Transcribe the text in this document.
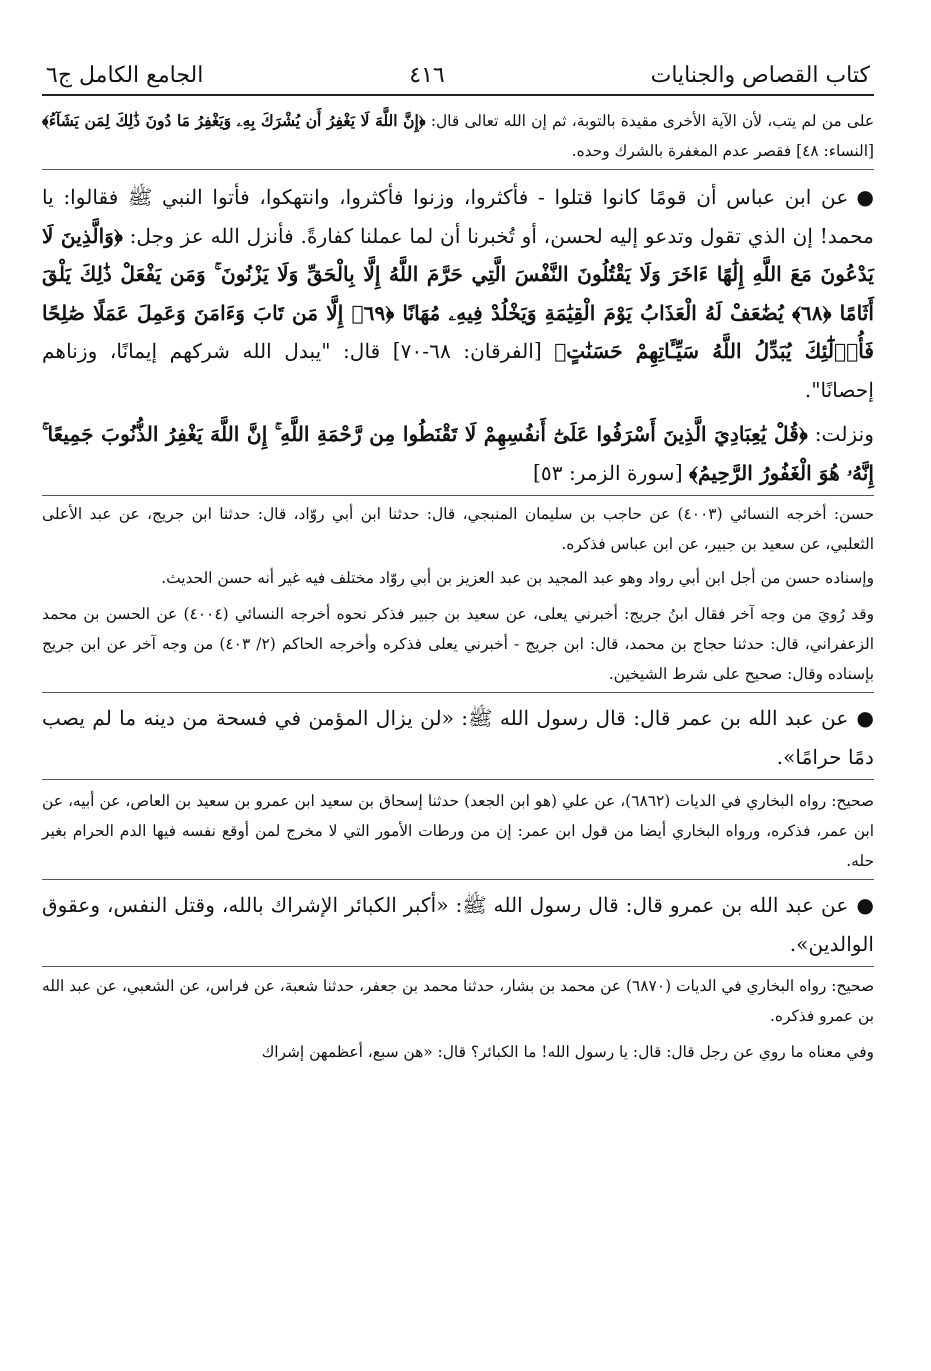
كتاب القصاص والجنايات
٤١٦
الجامع الكامل ج٦

على من لم يتب، لأن الآية الأخرى مقيدة بالتوبة، ثم إن الله تعالى قال: ﴿إِنَّ اللَّهَ لَا يَغْفِرُ أَن يُشْرَكَ بِهِۦ وَيَغْفِرُ مَا دُونَ ذَٰلِكَ لِمَن يَشَآءُ﴾ [النساء: ٤٨] فقصر عدم المغفرة بالشرك وحده.

●عن ابن عباس أن قومًا كانوا قتلوا - فأكثروا، وزنوا فأكثروا، وانتهكوا، فأتوا النبي ﷺ فقالوا: يا محمد! إن الذي تقول وتدعو إليه لحسن، أو تُخبرنا أن لما عملنا كفارةً. فأنزل الله عز وجل: ﴿وَالَّذِينَ لَا يَدْعُونَ مَعَ اللَّهِ إِلَٰهًا ءَاخَرَ وَلَا يَقْتُلُونَ النَّفْسَ الَّتِي حَرَّمَ اللَّهُ إِلَّا بِالْحَقِّ وَلَا يَزْنُونَ ۚ وَمَن يَفْعَلْ ذَٰلِكَ يَلْقَ أَثَامًا ﴿٦٨﴾ يُضَٰعَفْ لَهُ الْعَذَابُ يَوْمَ الْقِيَٰمَةِ وَيَخْلُدْ فِيهِۦ مُهَانًا ﴿٦٩﴾ إِلَّا مَن تَابَ وَءَامَنَ وَعَمِلَ عَمَلًا صَٰلِحًا فَأُو۟لَٰٓئِكَ يُبَدِّلُ اللَّهُ سَيِّـَٔاتِهِمْ حَسَنَٰتٍ﴾ [الفرقان: ٦٨-٧٠] قال: "يبدل الله شركهم إيمانًا، وزناهم إحصانًا".

ونزلت: ﴿قُلْ يَٰعِبَادِيَ الَّذِينَ أَسْرَفُوا عَلَىٰٓ أَنفُسِهِمْ لَا تَقْنَطُوا مِن رَّحْمَةِ اللَّهِ ۚ إِنَّ اللَّهَ يَغْفِرُ الذُّنُوبَ جَمِيعًا ۚ إِنَّهُۥ هُوَ الْغَفُورُ الرَّحِيمُ﴾ [سورة الزمر: ٥٣]

حسن: أخرجه النسائي (٤٠٠٣) عن حاجب بن سليمان المنبجي، قال: حدثنا ابن أبي روّاد، قال: حدثنا ابن جريج، عن عبد الأعلى الثعلبي، عن سعيد بن جبير، عن ابن عباس فذكره.

وإسناده حسن من أجل ابن أبي رواد وهو عبد المجيد بن عبد العزيز بن أبي روّاد مختلف فيه غير أنه حسن الحديث.

وقد رُويَ من وجه آخر فقال ابنُ جريج: أخبرني يعلى، عن سعيد بن جبير فذكر نحوه أخرجه النسائي (٤٠٠٤) عن الحسن بن محمد الزعفراني، قال: حدثنا حجاج بن محمد، قال: ابن جريج - أخبرني يعلى فذكره وأخرجه الحاكم (٢/ ٤٠٣) من وجه آخر عن ابن جريج بإسناده وقال: صحيح على شرط الشيخين.

●عن عبد الله بن عمر قال: قال رسول الله ﷺ: «لن يزال المؤمن في فسحة من دينه ما لم يصب دمًا حرامًا».

صحيح: رواه البخاري في الديات (٦٨٦٢)، عن علي (هو ابن الجعد) حدثنا إسحاق بن سعيد ابن عمرو بن سعيد بن العاص، عن أبيه، عن ابن عمر، فذكره، ورواه البخاري أيضا من قول ابن عمر: إن من ورطات الأمور التي لا مخرج لمن أوقع نفسه فيها الدم الحرام بغير حله.

●عن عبد الله بن عمرو قال: قال رسول الله ﷺ: «أكبر الكبائر الإشراك بالله، وقتل النفس، وعقوق الوالدين».

صحيح: رواه البخاري في الديات (٦٨٧٠) عن محمد بن بشار، حدثنا محمد بن جعفر، حدثنا شعبة، عن فراس، عن الشعبي، عن عبد الله بن عمرو فذكره.

وفي معناه ما روي عن رجل قال: قال: يا رسول الله! ما الكبائر؟ قال: «هن سبع، أعظمهن إشراك
